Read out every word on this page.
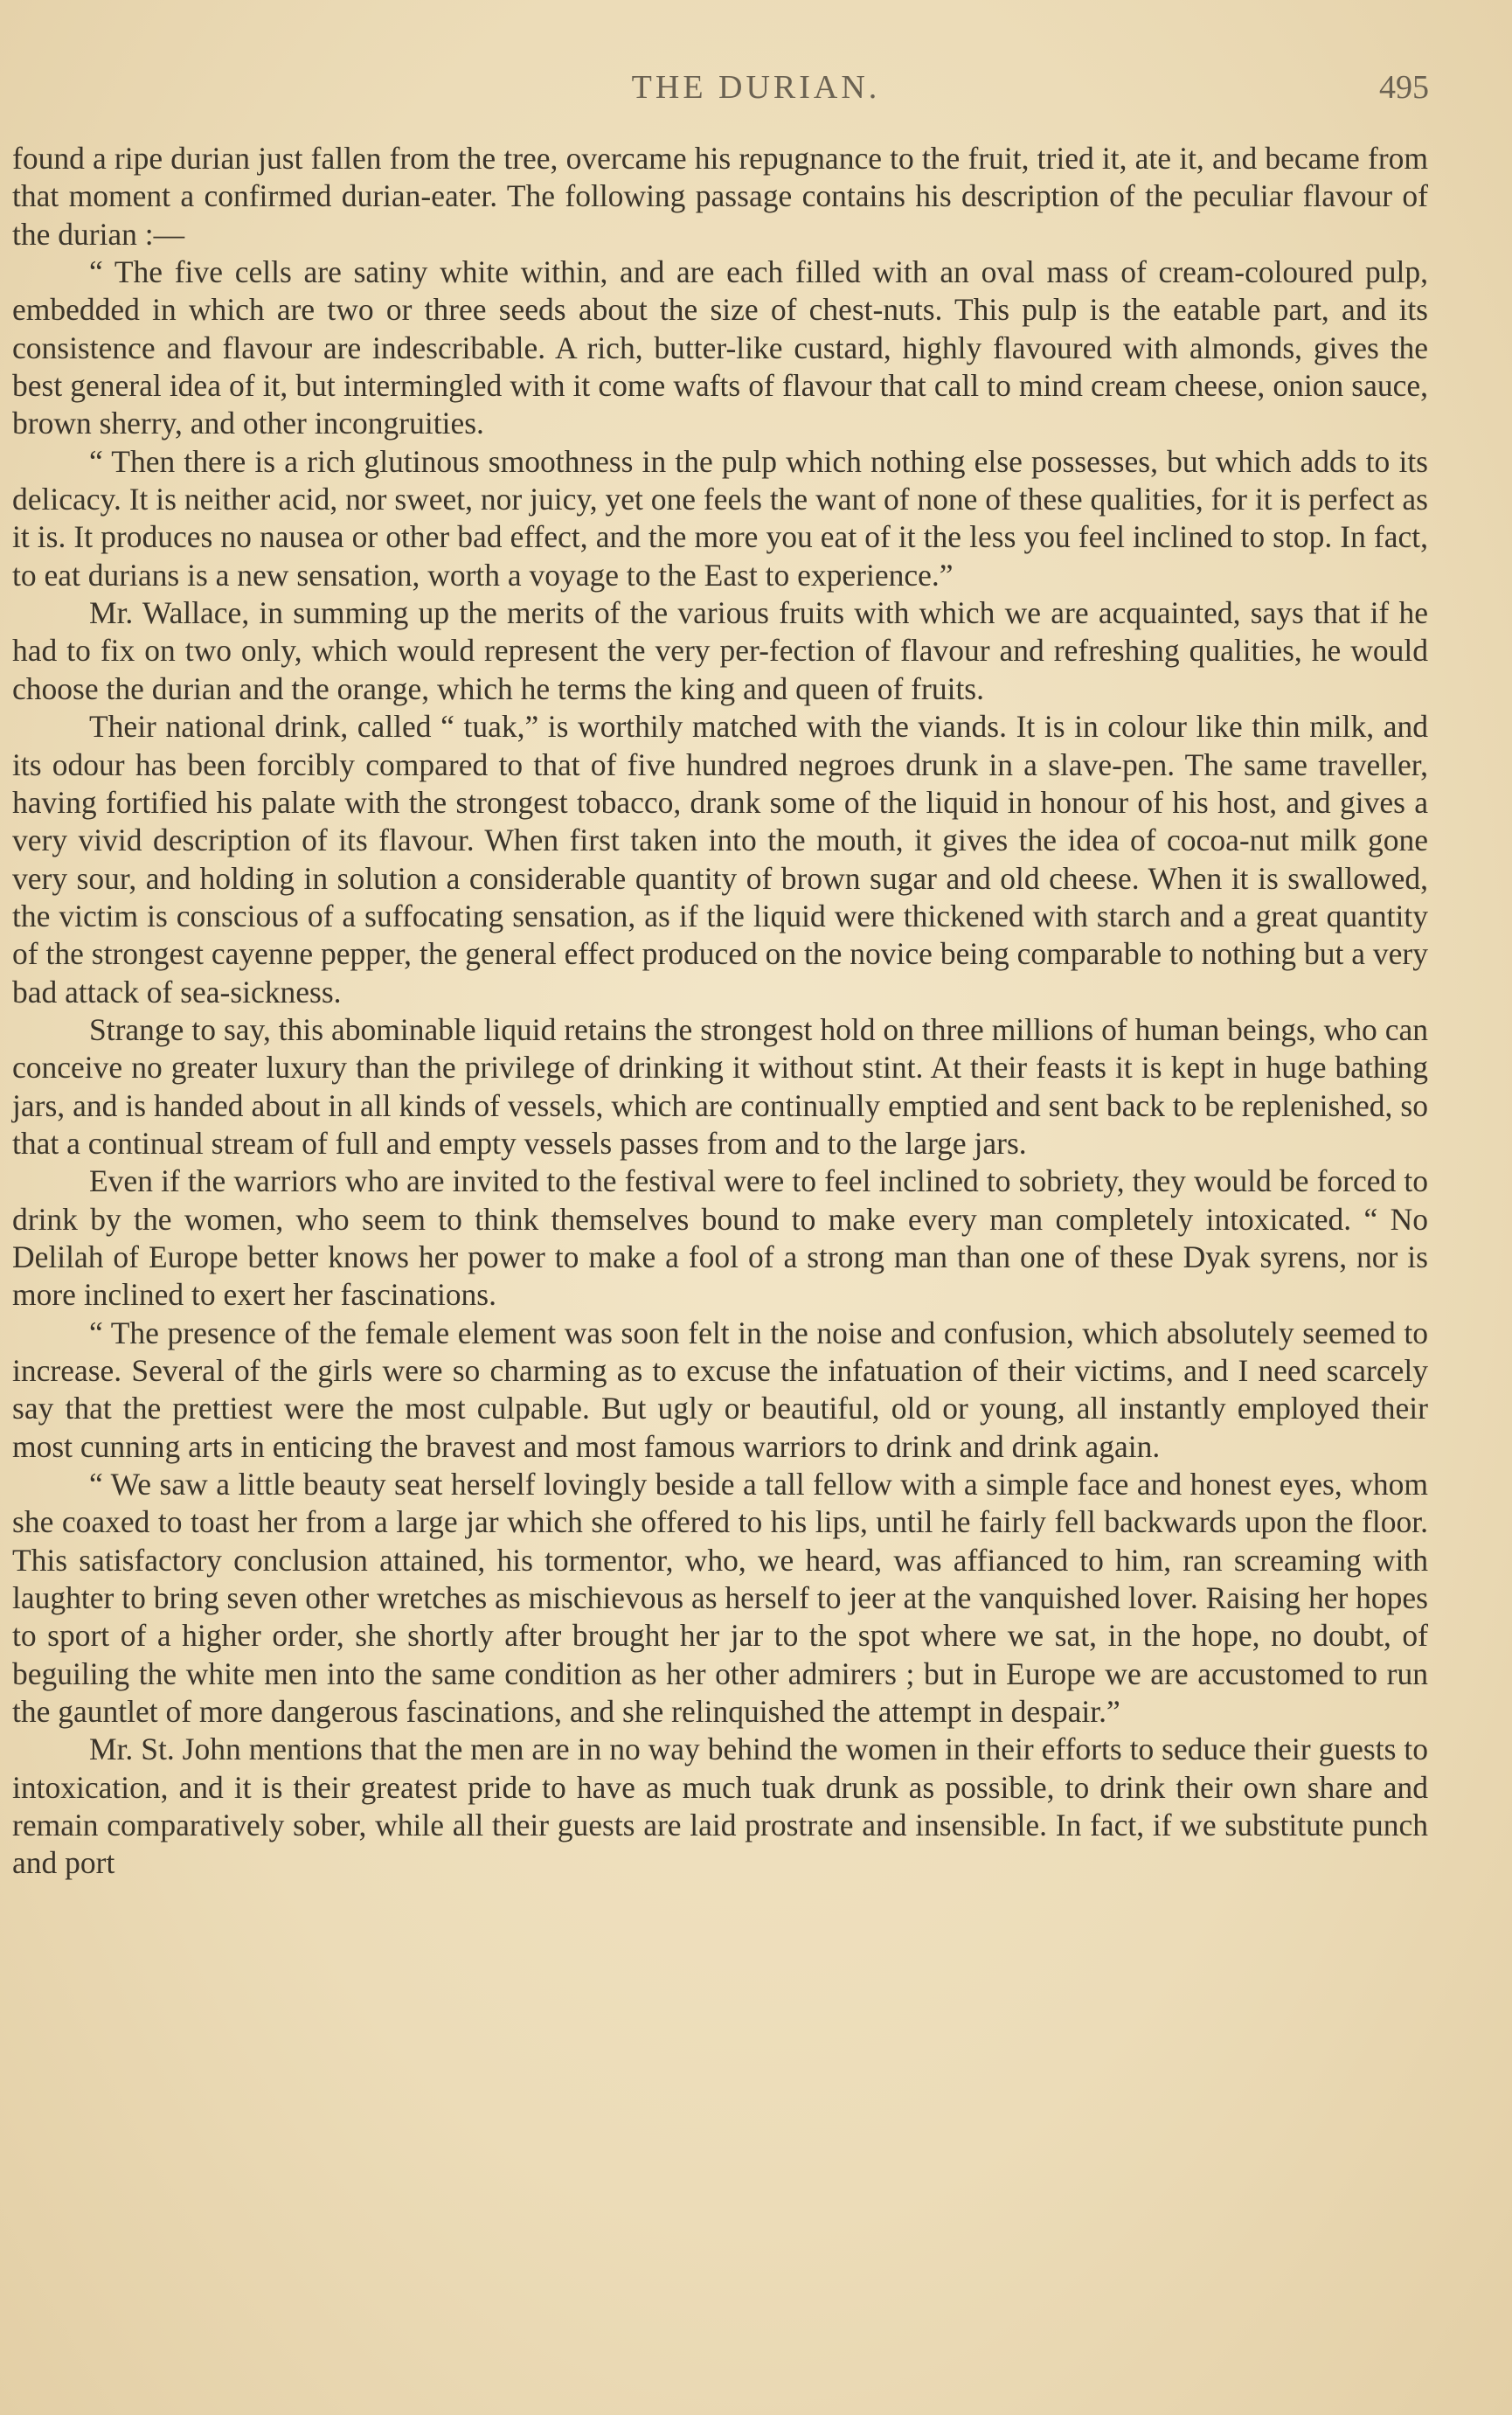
THE DURIAN.	495

found a ripe durian just fallen from the tree, overcame his repugnance to the fruit, tried it, ate it, and became from that moment a confirmed durian-eater. The following passage contains his description of the peculiar flavour of the durian :—

“ The five cells are satiny white within, and are each filled with an oval mass of cream-coloured pulp, embedded in which are two or three seeds about the size of chest-nuts. This pulp is the eatable part, and its consistence and flavour are indescribable. A rich, butter-like custard, highly flavoured with almonds, gives the best general idea of it, but intermingled with it come wafts of flavour that call to mind cream cheese, onion sauce, brown sherry, and other incongruities.

“ Then there is a rich glutinous smoothness in the pulp which nothing else possesses, but which adds to its delicacy. It is neither acid, nor sweet, nor juicy, yet one feels the want of none of these qualities, for it is perfect as it is. It produces no nausea or other bad effect, and the more you eat of it the less you feel inclined to stop. In fact, to eat durians is a new sensation, worth a voyage to the East to experience.”

Mr. Wallace, in summing up the merits of the various fruits with which we are acquainted, says that if he had to fix on two only, which would represent the very per-fection of flavour and refreshing qualities, he would choose the durian and the orange, which he terms the king and queen of fruits.

Their national drink, called “ tuak,” is worthily matched with the viands. It is in colour like thin milk, and its odour has been forcibly compared to that of five hundred negroes drunk in a slave-pen. The same traveller, having fortified his palate with the strongest tobacco, drank some of the liquid in honour of his host, and gives a very vivid description of its flavour. When first taken into the mouth, it gives the idea of cocoa-nut milk gone very sour, and holding in solution a considerable quantity of brown sugar and old cheese. When it is swallowed, the victim is conscious of a suffocating sensation, as if the liquid were thickened with starch and a great quantity of the strongest cayenne pepper, the general effect produced on the novice being comparable to nothing but a very bad attack of sea-sickness.

Strange to say, this abominable liquid retains the strongest hold on three millions of human beings, who can conceive no greater luxury than the privilege of drinking it without stint. At their feasts it is kept in huge bathing jars, and is handed about in all kinds of vessels, which are continually emptied and sent back to be replenished, so that a continual stream of full and empty vessels passes from and to the large jars.

Even if the warriors who are invited to the festival were to feel inclined to sobriety, they would be forced to drink by the women, who seem to think themselves bound to make every man completely intoxicated. “ No Delilah of Europe better knows her power to make a fool of a strong man than one of these Dyak syrens, nor is more inclined to exert her fascinations.

“ The presence of the female element was soon felt in the noise and confusion, which absolutely seemed to increase. Several of the girls were so charming as to excuse the infatuation of their victims, and I need scarcely say that the prettiest were the most culpable. But ugly or beautiful, old or young, all instantly employed their most cunning arts in enticing the bravest and most famous warriors to drink and drink again.

“ We saw a little beauty seat herself lovingly beside a tall fellow with a simple face and honest eyes, whom she coaxed to toast her from a large jar which she offered to his lips, until he fairly fell backwards upon the floor. This satisfactory conclusion attained, his tormentor, who, we heard, was affianced to him, ran screaming with laughter to bring seven other wretches as mischievous as herself to jeer at the vanquished lover. Raising her hopes to sport of a higher order, she shortly after brought her jar to the spot where we sat, in the hope, no doubt, of beguiling the white men into the same condition as her other admirers ; but in Europe we are accustomed to run the gauntlet of more dangerous fascinations, and she relinquished the attempt in despair.”

Mr. St. John mentions that the men are in no way behind the women in their efforts to seduce their guests to intoxication, and it is their greatest pride to have as much tuak drunk as possible, to drink their own share and remain comparatively sober, while all their guests are laid prostrate and insensible. In fact, if we substitute punch and port
